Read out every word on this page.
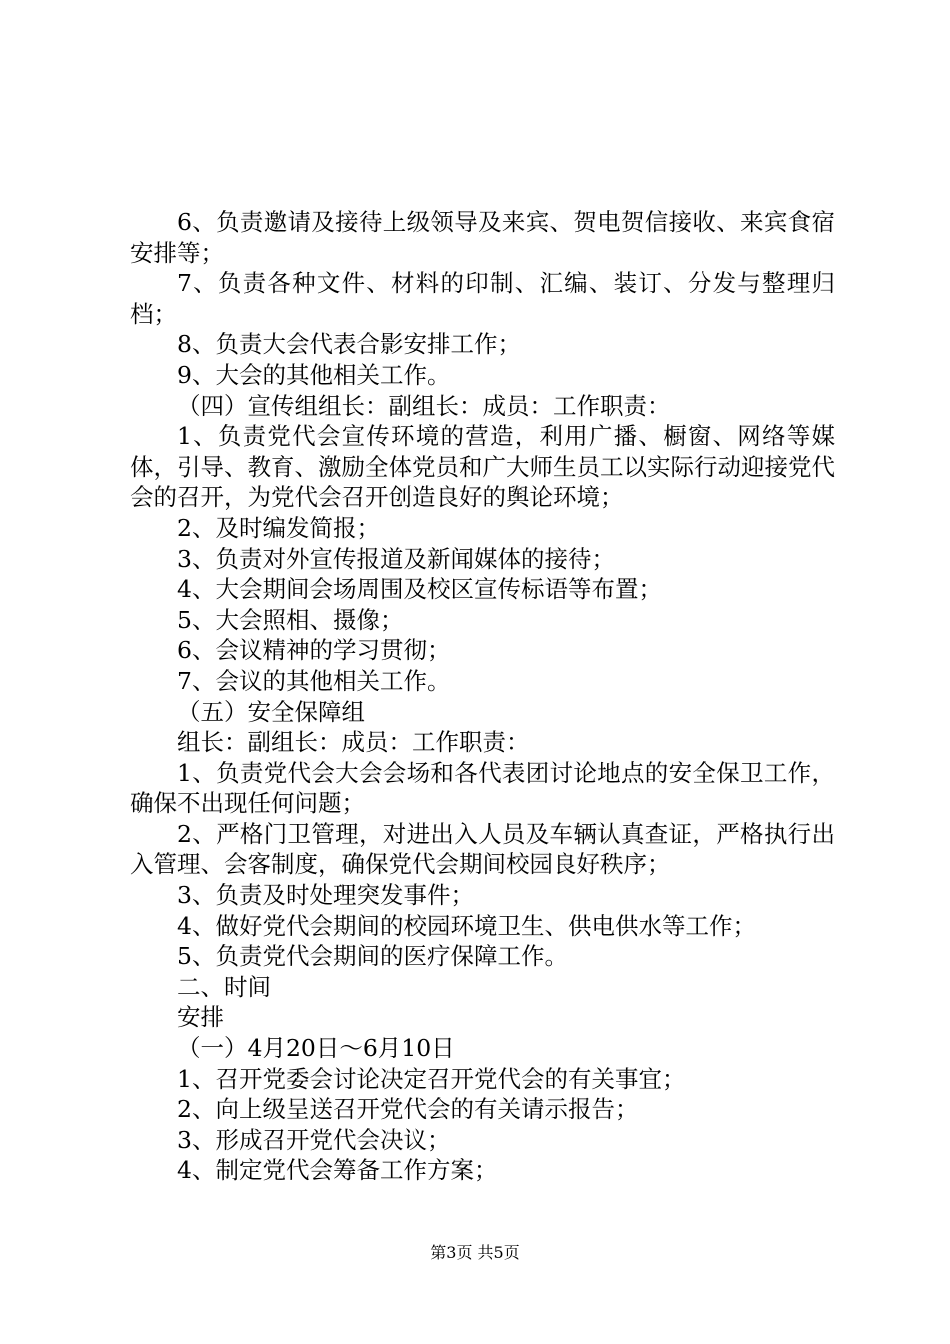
6、负责邀请及接待上级领导及来宾、贺电贺信接收、来宾食宿安排等；

7、负责各种文件、材料的印制、汇编、装订、分发与整理归档；

8、负责大会代表合影安排工作；

9、大会的其他相关工作。

（四）宣传组组长：副组长：成员：工作职责：

1、负责党代会宣传环境的营造，利用广播、橱窗、网络等媒体，引导、教育、激励全体党员和广大师生员工以实际行动迎接党代会的召开，为党代会召开创造良好的舆论环境；

2、及时编发简报；

3、负责对外宣传报道及新闻媒体的接待；

4、大会期间会场周围及校区宣传标语等布置；

5、大会照相、摄像；

6、会议精神的学习贯彻；

7、会议的其他相关工作。

（五）安全保障组

组长：副组长：成员：工作职责：

1、负责党代会大会会场和各代表团讨论地点的安全保卫工作，确保不出现任何问题；

2、严格门卫管理，对进出入人员及车辆认真查证，严格执行出入管理、会客制度，确保党代会期间校园良好秩序；

3、负责及时处理突发事件；

4、做好党代会期间的校园环境卫生、供电供水等工作；

5、负责党代会期间的医疗保障工作。

二、时间

安排

（一）4月20日～6月10日

1、召开党委会讨论决定召开党代会的有关事宜；

2、向上级呈送召开党代会的有关请示报告；

3、形成召开党代会决议；

4、制定党代会筹备工作方案；

第3页 共5页
